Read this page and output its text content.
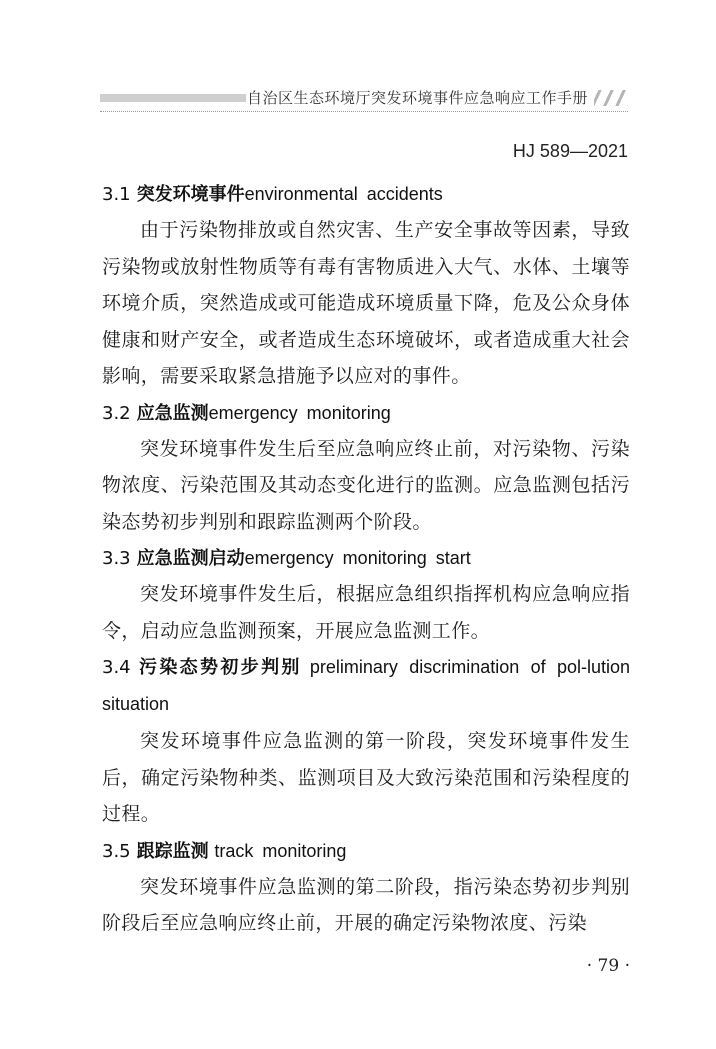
自治区生态环境厅突发环境事件应急响应工作手册
HJ 589—2021
3.1 突发环境事件environmental accidents

由于污染物排放或自然灾害、生产安全事故等因素，导致污染物或放射性物质等有毒有害物质进入大气、水体、土壤等环境介质，突然造成或可能造成环境质量下降，危及公众身体健康和财产安全，或者造成生态环境破坏，或者造成重大社会影响，需要采取紧急措施予以应对的事件。

3.2 应急监测emergency monitoring

突发环境事件发生后至应急响应终止前，对污染物、污染物浓度、污染范围及其动态变化进行的监测。应急监测包括污染态势初步判别和跟踪监测两个阶段。

3.3 应急监测启动emergency monitoring start

突发环境事件发生后，根据应急组织指挥机构应急响应指令，启动应急监测预案，开展应急监测工作。

3.4 污染态势初步判别 preliminary discrimination of pol-lution situation

突发环境事件应急监测的第一阶段，突发环境事件发生后，确定污染物种类、监测项目及大致污染范围和污染程度的过程。

3.5 跟踪监测 track monitoring

突发环境事件应急监测的第二阶段，指污染态势初步判别阶段后至应急响应终止前，开展的确定污染物浓度、污染

· 79 ·
